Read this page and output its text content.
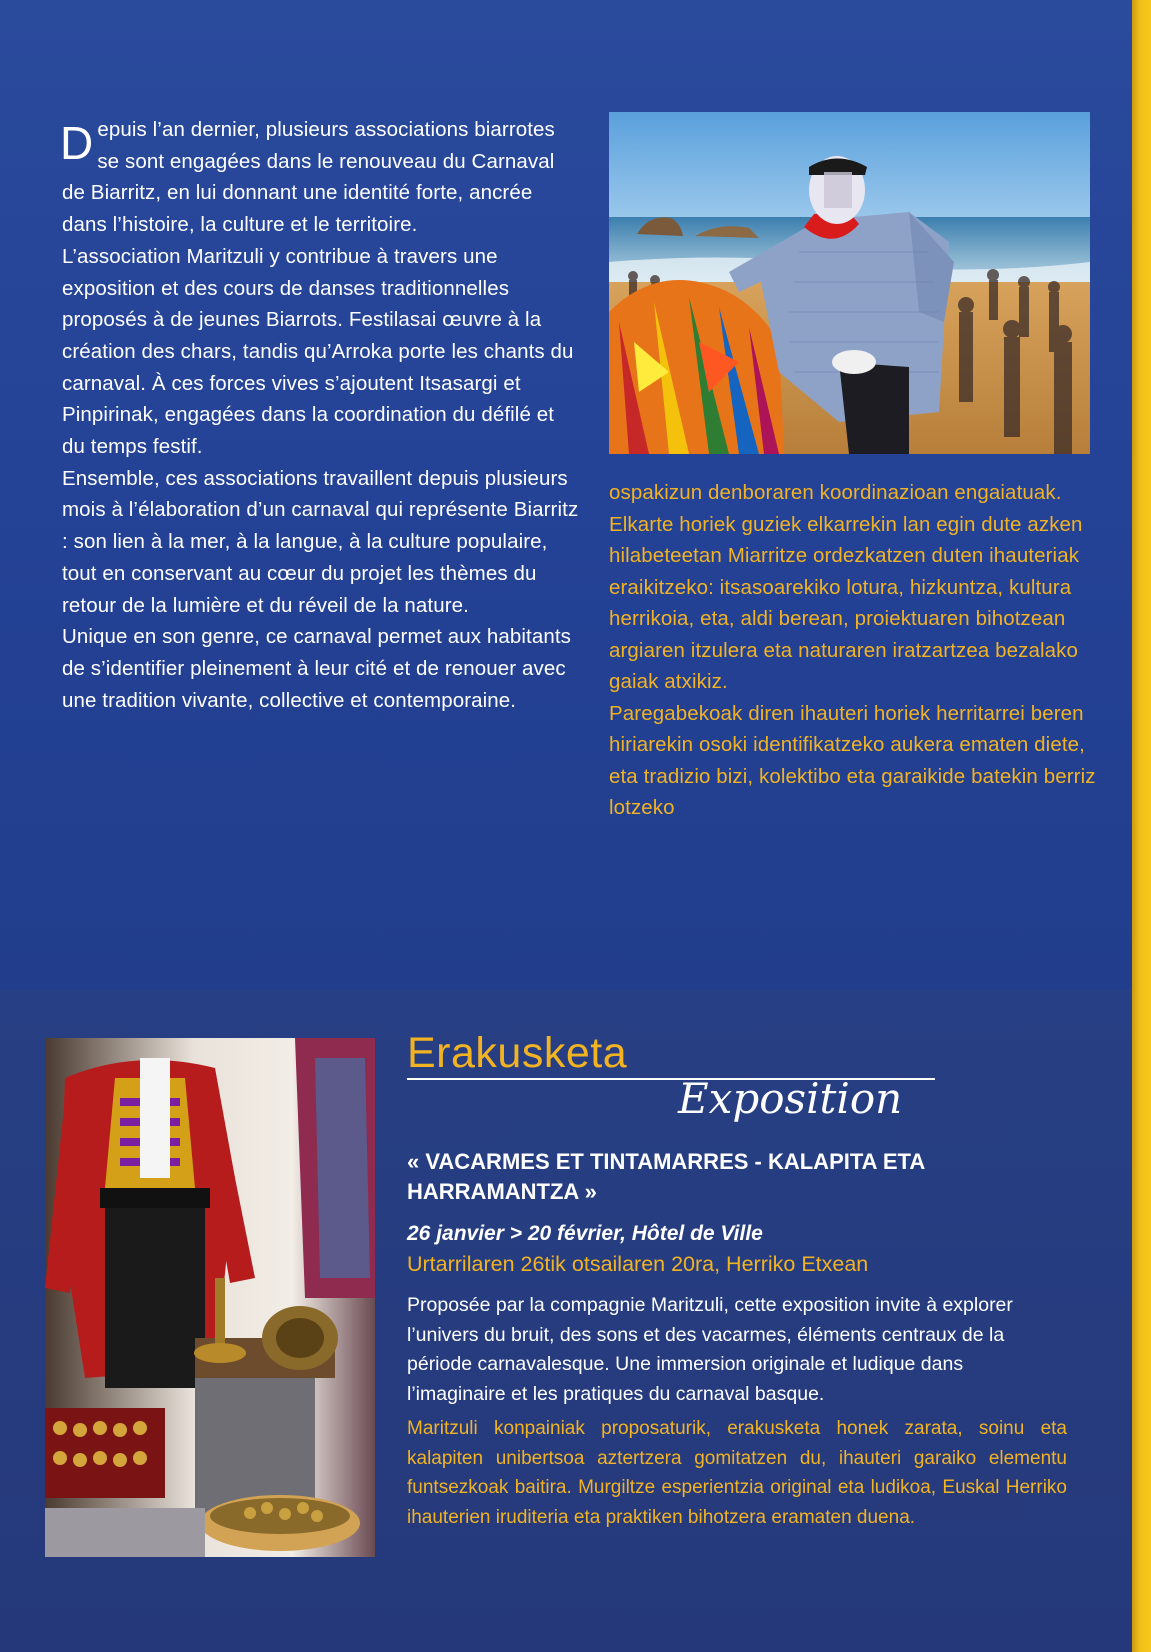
Depuis l’an dernier, plusieurs associations biarrotes se sont engagées dans le renouveau du Carnaval de Biarritz, en lui donnant une identité forte, ancrée dans l’histoire, la culture et le territoire.

L’association Maritzuli y contribue à travers une exposition et des cours de danses traditionnelles proposés à de jeunes Biarrots. Festilasai œuvre à la création des chars, tandis qu’Arroka porte les chants du carnaval. À ces forces vives s’ajoutent Itsasargi et Pinpirinak, engagées dans la coordination du défilé et du temps festif.

Ensemble, ces associations travaillent depuis plusieurs mois à l’élaboration d’un carnaval qui représente Biarritz : son lien à la mer, à la langue, à la culture populaire, tout en conservant au cœur du projet les thèmes du retour de la lumière et du réveil de la nature.

Unique en son genre, ce carnaval permet aux habitants de s’identifier pleinement à leur cité et de renouer avec une tradition vivante, collective et contemporaine.

ospakizun denboraren koordinazioan engaiatuak.

Elkarte horiek guziek elkarrekin lan egin dute azken hilabeteetan Miarritze ordezkatzen duten ihauteriak eraikitzeko: itsasoarekiko lotura, hizkuntza, kultura herrikoia, eta, aldi berean, proiektuaren bihotzean argiaren itzulera eta naturaren iratzartzea bezalako gaiak atxikiz.

Paregabekoak diren ihauteri horiek herritarrei beren hiriarekin osoki identifikatzeko aukera ematen diete, eta tradizio bizi, kolektibo eta garaikide batekin berriz lotzeko

Erakusketa
Exposition
« VACARMES ET TINTAMARRES - KALAPITA ETA HARRAMANTZA »
26 janvier > 20 février, Hôtel de Ville
Urtarrilaren 26tik otsailaren 20ra, Herriko Etxean
Proposée par la compagnie Maritzuli, cette exposition invite à explorer l’univers du bruit, des sons et des vacarmes, éléments centraux de la période carnavalesque. Une immersion originale et ludique dans l’imaginaire et les pratiques du carnaval basque.
Maritzuli konpainiak proposaturik, erakusketa honek zarata, soinu eta kalapiten unibertsoa aztertzera gomitatzen du, ihauteri garaiko elementu funtsezkoak baitira. Murgiltze esperientzia original eta ludikoa, Euskal Herriko ihauterien iruditeria eta praktiken bihotzera eramaten duena.
